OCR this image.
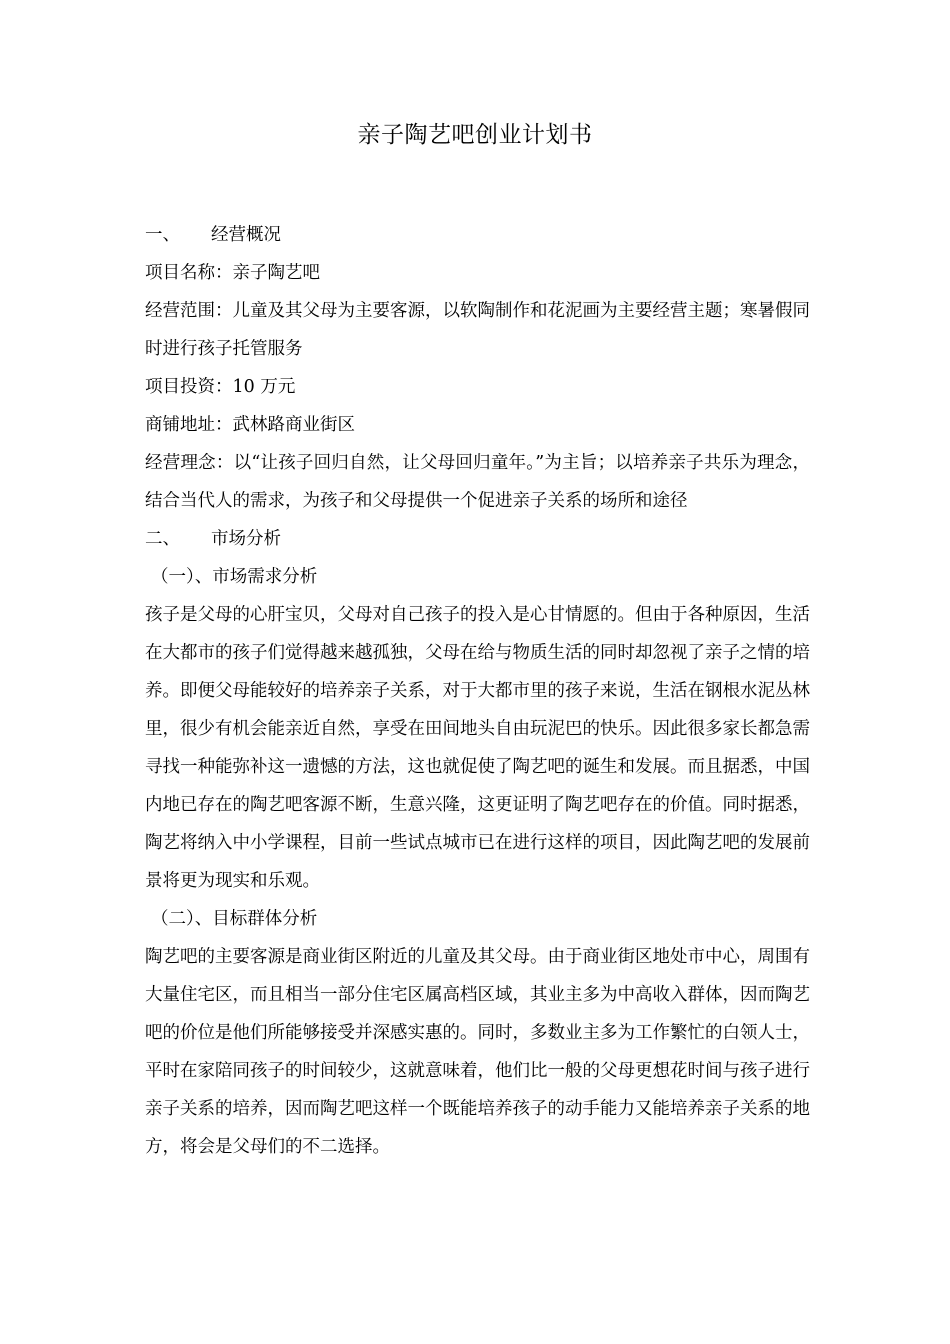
亲子陶艺吧创业计划书

一、 经营概况

项目名称：亲子陶艺吧

经营范围：儿童及其父母为主要客源，以软陶制作和花泥画为主要经营主题；寒暑假同时进行孩子托管服务

项目投资：10 万元

商铺地址：武林路商业街区

经营理念：以“让孩子回归自然，让父母回归童年。”为主旨；以培养亲子共乐为理念，结合当代人的需求，为孩子和父母提供一个促进亲子关系的场所和途径

二、 市场分析

（一）、市场需求分析

孩子是父母的心肝宝贝，父母对自己孩子的投入是心甘情愿的。但由于各种原因，生活在大都市的孩子们觉得越来越孤独，父母在给与物质生活的同时却忽视了亲子之情的培养。即便父母能较好的培养亲子关系，对于大都市里的孩子来说，生活在钢根水泥丛林里，很少有机会能亲近自然，享受在田间地头自由玩泥巴的快乐。因此很多家长都急需寻找一种能弥补这一遗憾的方法，这也就促使了陶艺吧的诞生和发展。而且据悉，中国内地已存在的陶艺吧客源不断，生意兴隆，这更证明了陶艺吧存在的价值。同时据悉，陶艺将纳入中小学课程，目前一些试点城市已在进行这样的项目，因此陶艺吧的发展前景将更为现实和乐观。

（二）、目标群体分析

陶艺吧的主要客源是商业街区附近的儿童及其父母。由于商业街区地处市中心，周围有大量住宅区，而且相当一部分住宅区属高档区域，其业主多为中高收入群体，因而陶艺吧的价位是他们所能够接受并深感实惠的。同时，多数业主多为工作繁忙的白领人士，平时在家陪同孩子的时间较少，这就意味着，他们比一般的父母更想花时间与孩子进行亲子关系的培养，因而陶艺吧这样一个既能培养孩子的动手能力又能培养亲子关系的地方，将会是父母们的不二选择。
